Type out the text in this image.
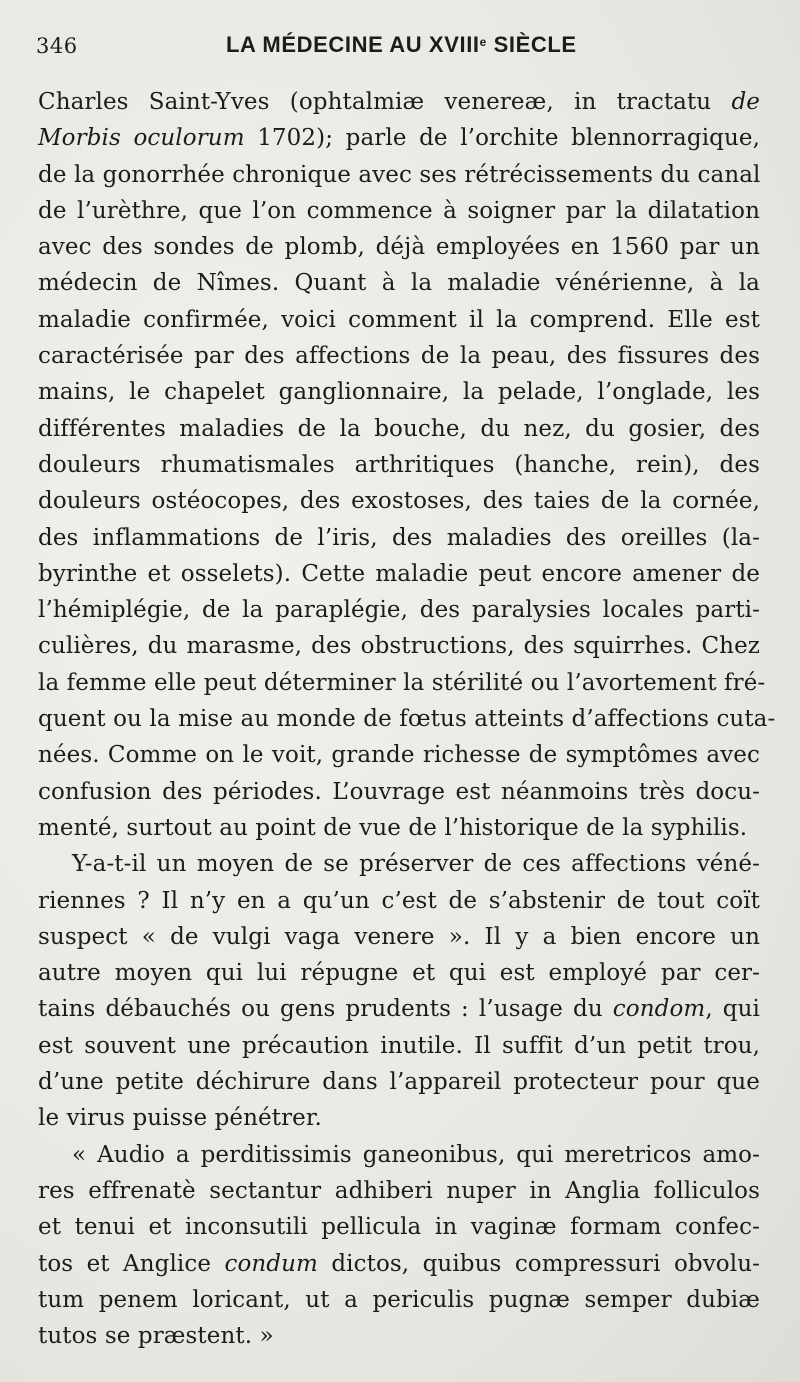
346	LA MÉDECINE AU XVIIIe SIÈCLE
Charles Saint-Yves (ophtalmiæ venereæ, in tractatu de
Morbis oculorum 1702); parle de l’orchite blennorragique,
de la gonorrhée chronique avec ses rétrécissements du canal
de l’urèthre, que l’on commence à soigner par la dilatation
avec des sondes de plomb, déjà employées en 1560 par un
médecin de Nîmes. Quant à la maladie vénérienne, à la
maladie confirmée, voici comment il la comprend. Elle est
caractérisée par des affections de la peau, des fissures des
mains, le chapelet ganglionnaire, la pelade, l’onglade, les
différentes maladies de la bouche, du nez, du gosier, des
douleurs rhumatismales arthritiques (hanche, rein), des
douleurs ostéocopes, des exostoses, des taies de la cornée,
des inflammations de l’iris, des maladies des oreilles (la-
byrinthe et osselets). Cette maladie peut encore amener de
l’hémiplégie, de la paraplégie, des paralysies locales parti-
culières, du marasme, des obstructions, des squirrhes. Chez
la femme elle peut déterminer la stérilité ou l’avortement fré-
quent ou la mise au monde de fœtus atteints d’affections cuta-
nées. Comme on le voit, grande richesse de symptômes avec
confusion des périodes. L’ouvrage est néanmoins très docu-
menté, surtout au point de vue de l’historique de la syphilis.
Y-a-t-il un moyen de se préserver de ces affections véné-
riennes ? Il n’y en a qu’un c’est de s’abstenir de tout coït
suspect « de vulgi vaga venere ». Il y a bien encore un
autre moyen qui lui répugne et qui est employé par cer-
tains débauchés ou gens prudents : l’usage du condom, qui
est souvent une précaution inutile. Il suffit d’un petit trou,
d’une petite déchirure dans l’appareil protecteur pour que
le virus puisse pénétrer.
« Audio a perditissimis ganeonibus, qui meretricos amo-
res effrenatè sectantur adhiberi nuper in Anglia folliculos
et tenui et inconsutili pellicula in vaginæ formam confec-
tos et Anglice condum dictos, quibus compressuri obvolu-
tum penem loricant, ut a periculis pugnæ semper dubiæ
tutos se præstent. »
